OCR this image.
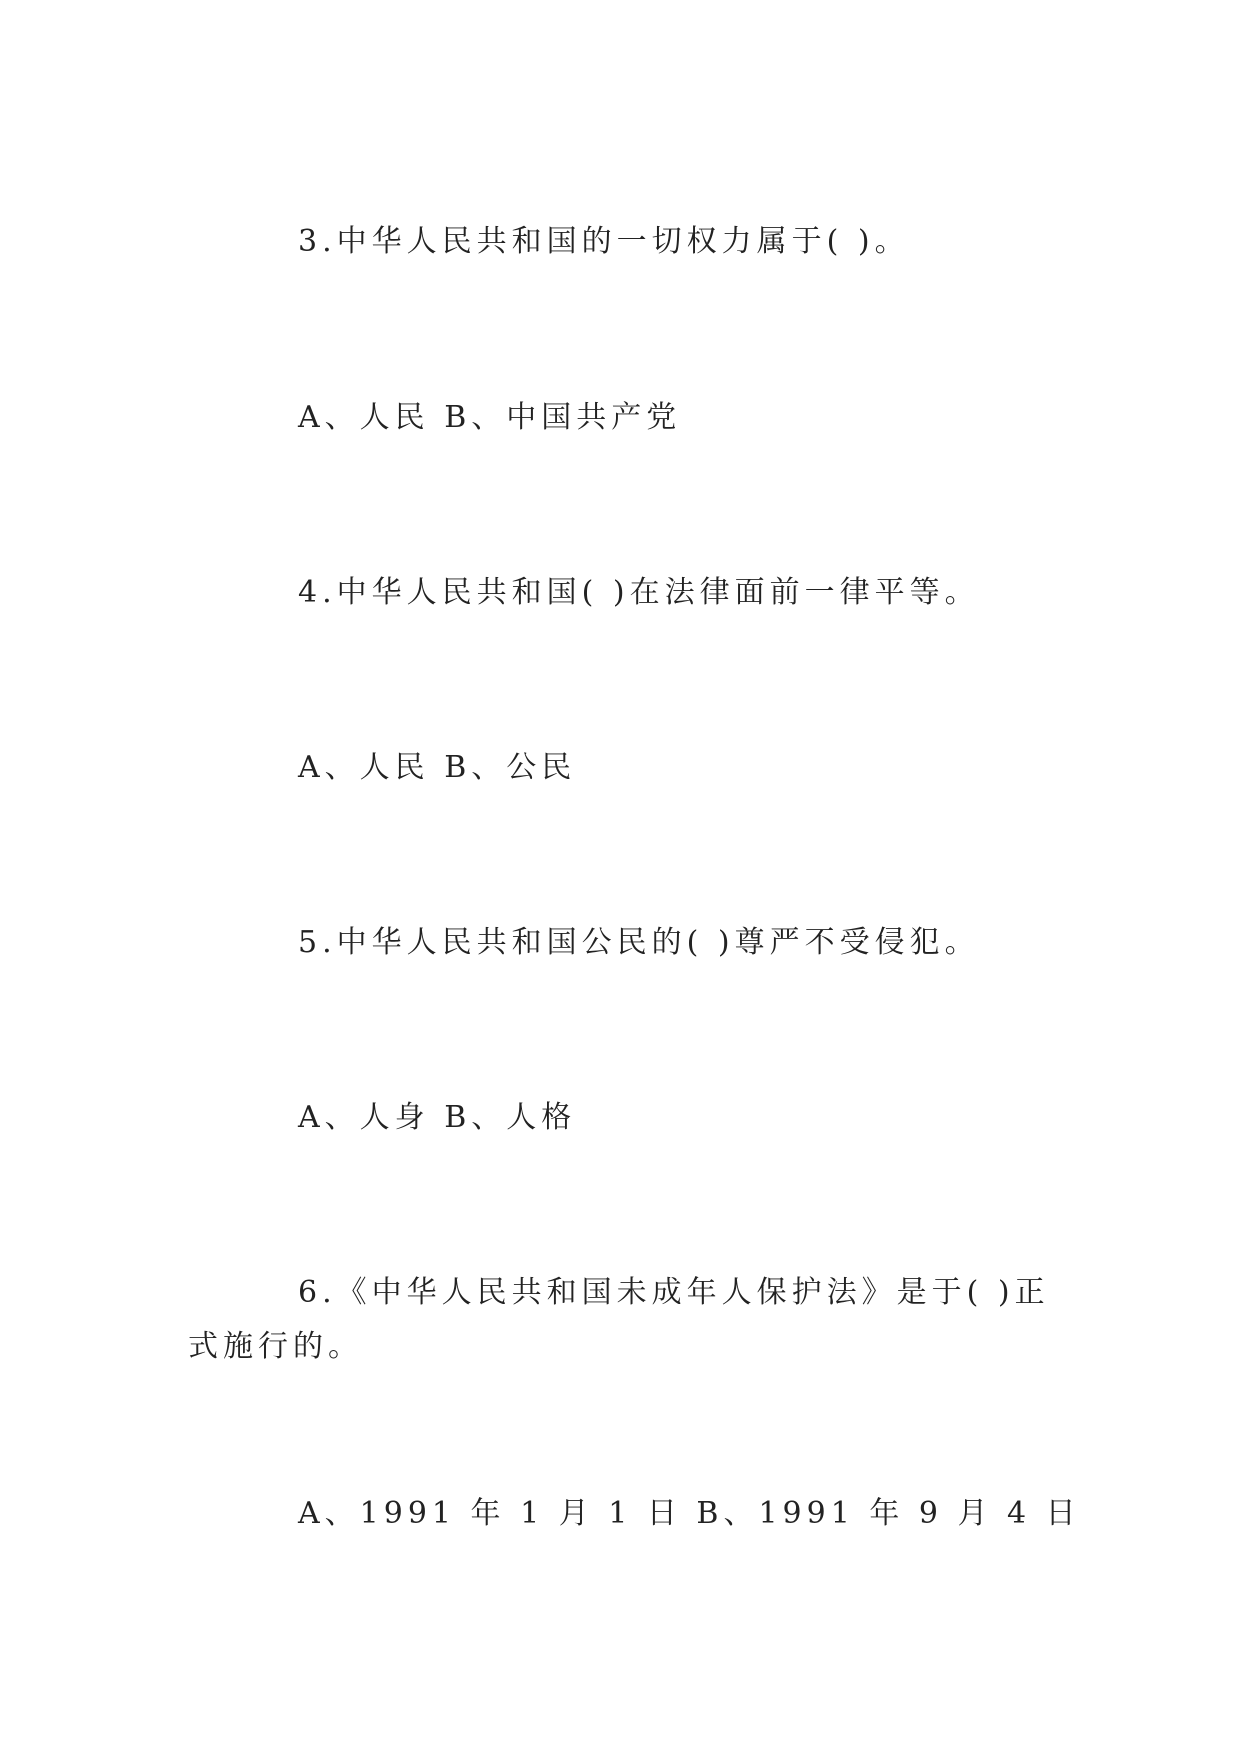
3.中华人民共和国的一切权力属于( )。
A、人民 B、中国共产党
4.中华人民共和国( )在法律面前一律平等。
A、人民 B、公民
5.中华人民共和国公民的( )尊严不受侵犯。
A、人身 B、人格
6.《中华人民共和国未成年人保护法》是于( )正式施行的。
A、1991 年 1 月 1 日 B、1991 年 9 月 4 日
